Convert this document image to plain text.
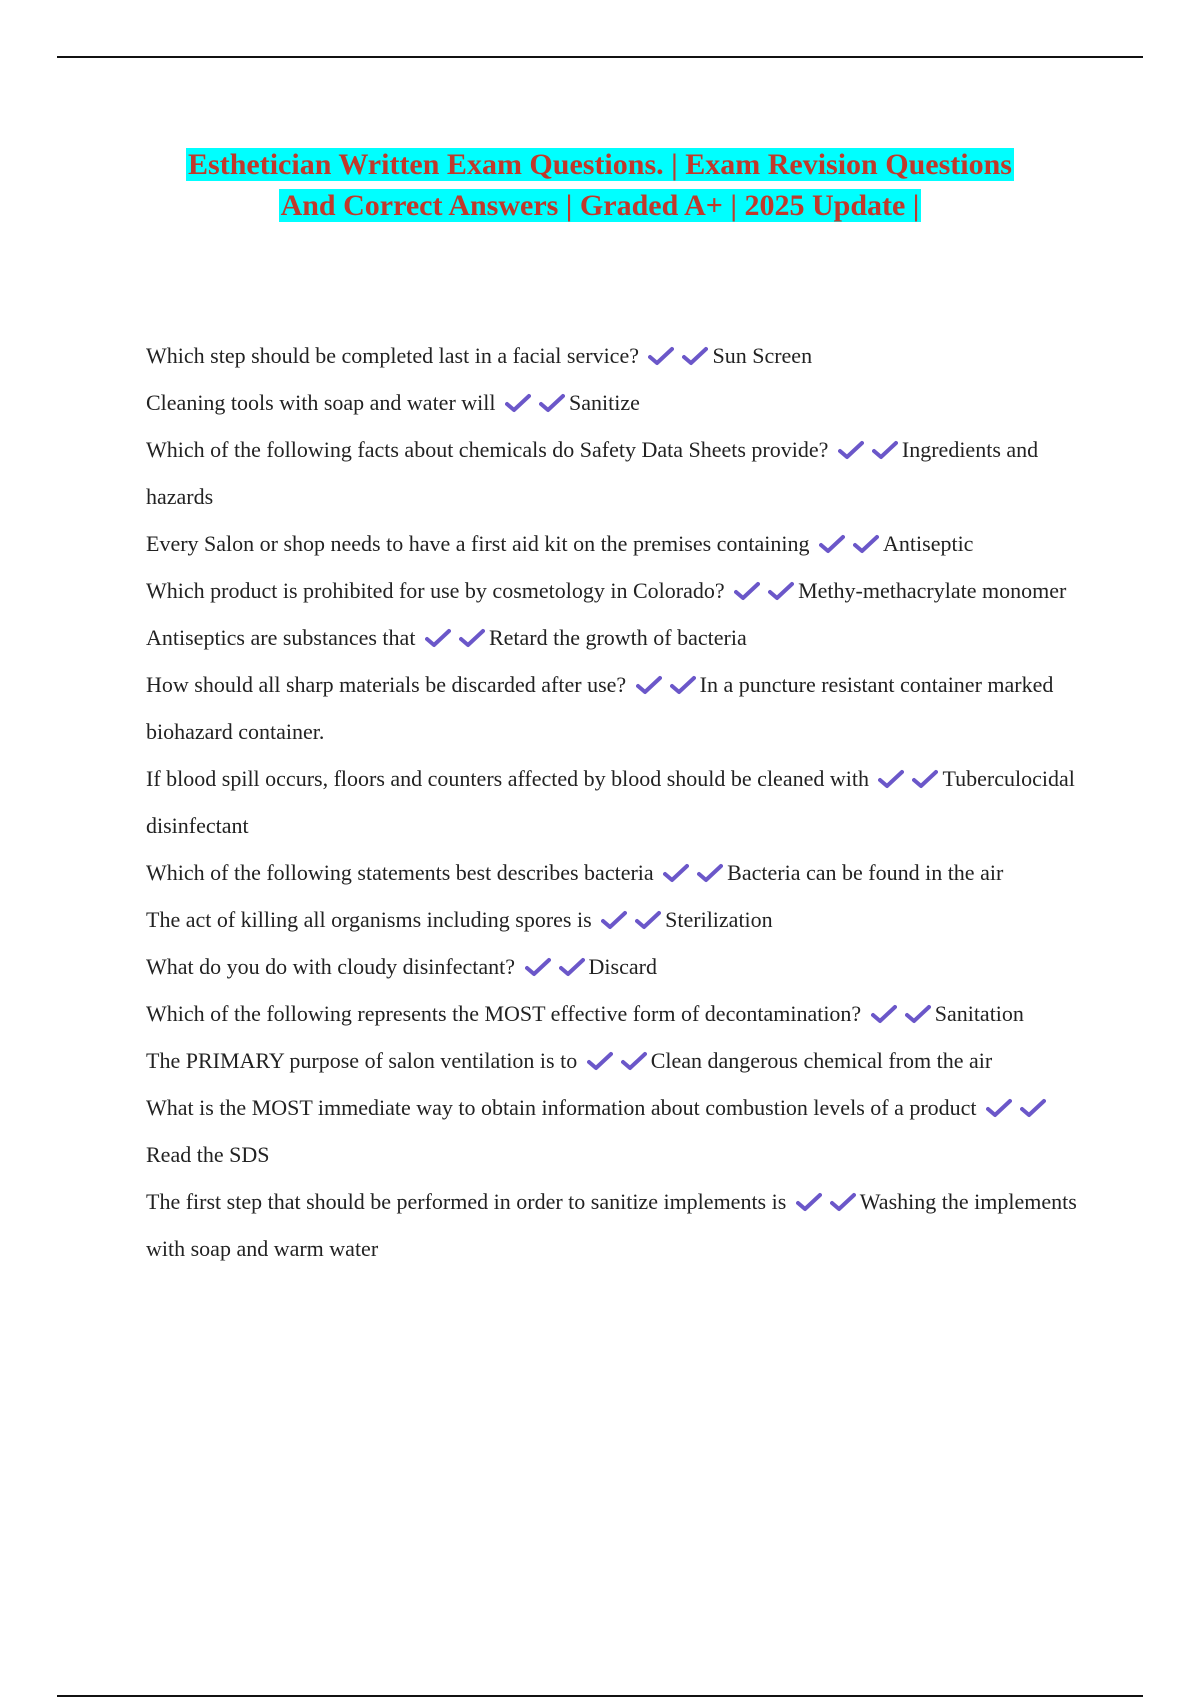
Esthetician Written Exam Questions. | Exam Revision Questions
And Correct Answers | Graded A+ | 2025 Update |
Which step should be completed last in a facial service?	Sun Screen
Cleaning tools with soap and water will	Sanitize
Which of the following facts about chemicals do Safety Data Sheets provide?	Ingredients and hazards
Every Salon or shop needs to have a first aid kit on the premises containing	Antiseptic
Which product is prohibited for use by cosmetology in Colorado?	Methy-methacrylate monomer
Antiseptics are substances that	Retard the growth of bacteria
How should all sharp materials be discarded after use?	In a puncture resistant container marked biohazard container.
If blood spill occurs, floors and counters affected by blood should be cleaned with	Tuberculocidal disinfectant
Which of the following statements best describes bacteria	Bacteria can be found in the air
The act of killing all organisms including spores is	Sterilization
What do you do with cloudy disinfectant?	Discard
Which of the following represents the MOST effective form of decontamination?	Sanitation
The PRIMARY purpose of salon ventilation is to	Clean dangerous chemical from the air
What is the MOST immediate way to obtain information about combustion levels of a product
Read the SDS
The first step that should be performed in order to sanitize implements is	Washing the implements with soap and warm water
